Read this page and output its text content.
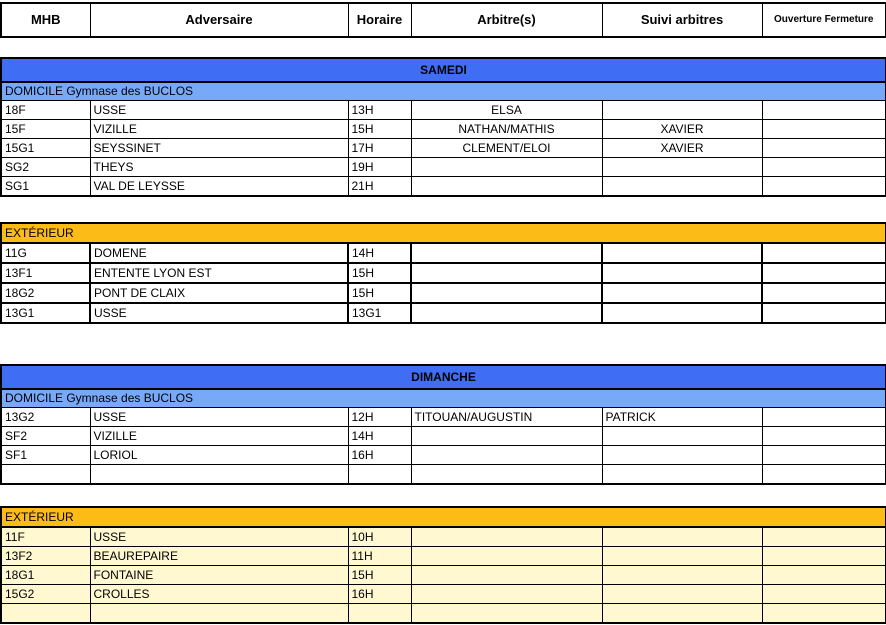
MHB	Adversaire	Horaire	Arbitre(s)	Suivi arbitres	Ouverture Fermeture
SAMEDI					
DOMICILE Gymnase des BUCLOS					
18F	USSE	13H	ELSA		
15F	VIZILLE	15H	NATHAN/MATHIS	XAVIER	
15G1	SEYSSINET	17H	CLEMENT/ELOI	XAVIER	
SG2	THEYS	19H			
SG1	VAL DE LEYSSE	21H			
EXTÉRIEUR					
11G	DOMENE	14H			
13F1	ENTENTE LYON EST	15H			
18G2	PONT DE CLAIX	15H			
13G1	USSE	13G1			
DIMANCHE					
DOMICILE Gymnase des BUCLOS					
13G2	USSE	12H	TITOUAN/AUGUSTIN	PATRICK	
SF2	VIZILLE	14H			
SF1	LORIOL	16H			

EXTÉRIEUR					
11F	USSE	10H			
13F2	BEAUREPAIRE	11H			
18G1	FONTAINE	15H			
15G2	CROLLES	16H			
